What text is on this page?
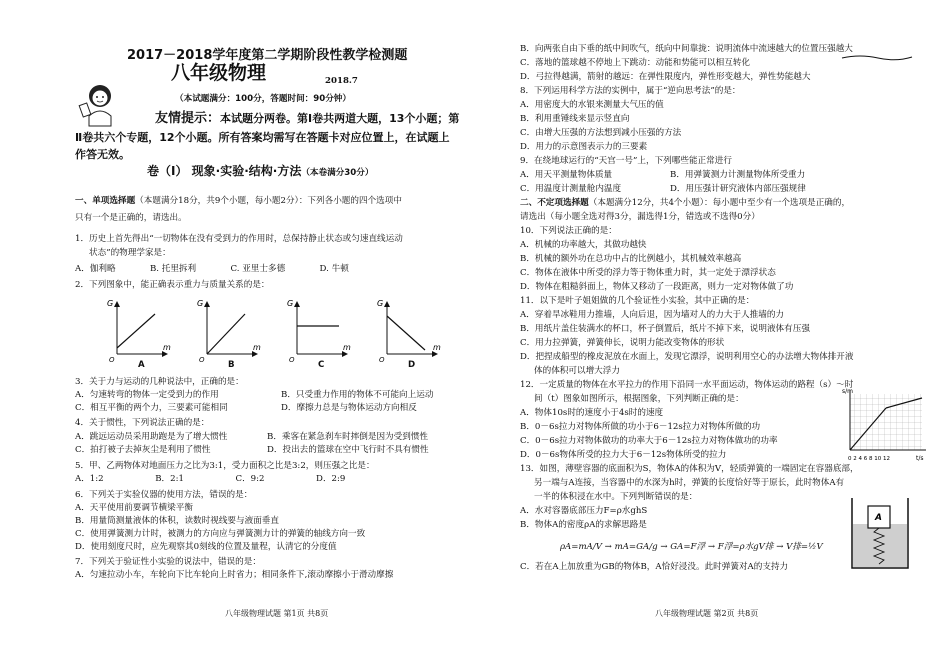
2017－2018学年度第二学期阶段性教学检测题
八年级物理	2018.7
（本试题满分：100分，答题时间：90分钟）
友情提示：本试题分两卷。第Ⅰ卷共两道大题，13个小题；第
Ⅱ卷共六个专题，12个小题。所有答案均需写在答题卡对应位置上，在试题上
作答无效。
卷（Ⅰ） 现象·实验·结构·方法（本卷满分30分）
一、单项选择题（本题满分18分，共9个小题，每小题2分）：下列各小题的四个选项中
只有一个是正确的，请选出。
1．历史上首先得出“一切物体在没有受到力的作用时，总保持静止状态或匀速直线运动
状态”的物理学家是：
A．伽利略　　　　B. 托里拆利　　　　C. 亚里士多德　　　　D. 牛顿
2．下列图象中，能正确表示重力与质量关系的是：
G
m
O
G
m
O
G
m
O
G
m
O
A	B	C	D
3．关于力与运动的几种说法中，正确的是：
A．匀速转弯的物体一定受到力的作用	B．只受重力作用的物体不可能向上运动
C．相互平衡的两个力，三要素可能相同	D．摩擦力总是与物体运动方向相反
4．关于惯性，下列说法正确的是：
A．跳远运动员采用助跑是为了增大惯性	B．乘客在紧急刹车时摔倒是因为受到惯性
C．拍打被子去掉灰尘是利用了惯性	D．投出去的篮球在空中飞行时不具有惯性
5．甲、乙两物体对地面压力之比为3:1，受力面积之比是3:2，则压强之比是：
A．1:2　　　　　　B．2:1　　　　　　C．9:2　　　　　　D．2:9
6．下列关于实验仪器的使用方法，错误的是：
A．天平使用前要调节横梁平衡
B．用量筒测量液体的体积，读数时视线要与液面垂直
C．使用弹簧测力计时，被测力的方向应与弹簧测力计的弹簧的轴线方向一致
D．使用刻度尺时，应先观察其0刻线的位置及量程，认清它的分度值
7．下列关于验证性小实验的说法中，错误的是：
A．匀速拉动小车，车轮向下比车轮向上时省力；相同条件下,滚动摩擦小于滑动摩擦
八年级物理试题 第1页 共8页
B．向两张自由下垂的纸中间吹气，纸向中间靠拢：说明流体中流速越大的位置压强越大
C．落地的篮球越不停地上下跳动：动能和势能可以相互转化
D．弓拉得越满，箭射的越远：在弹性限度内，弹性形变越大，弹性势能越大
8．下列运用科学方法的实例中，属于“逆向思考法”的是：
A．用密度大的水银来测量大气压的值
B．利用重锤线来显示竖直向
C．由增大压强的方法想到减小压强的方法
D．用力的示意图表示力的三要素
9．在绕地球运行的“天宫一号”上，下列哪些能正常进行
A．用天平测量物体质量	B．用弹簧测力计测量物体所受重力
C．用温度计测量舱内温度	D．用压强计研究液体内部压强规律
二、不定项选择题（本题满分12分，共4个小题）：每小题中至少有一个选项是正确的，
请选出（每小题全选对得3分，漏选得1分，错选或不选得0分）
10．下列说法正确的是：
A．机械的功率越大，其做功越快
B．机械的额外功在总功中占的比例越小，其机械效率越高
C．物体在液体中所受的浮力等于物体重力时，其一定处于漂浮状态
D．物体在粗糙斜面上，物体又移动了一段距离，则力一定对物体做了功
11．以下是叶子姐姐做的几个验证性小实验，其中正确的是：
A．穿着旱冰鞋用力推墙，人向后退，因为墙对人的力大于人推墙的力
B．用纸片盖住装满水的杯口，杯子倒置后，纸片不掉下来，说明液体有压强
C．用力拉弹簧，弹簧伸长，说明力能改变物体的形状
D．把捏成船型的橡皮泥放在水面上，发现它漂浮，说明利用空心的办法增大物体排开液
体的体积可以增大浮力
12．一定质量的物体在水平拉力的作用下沿同一水平面运动，物体运动的路程（s）～时
间（t）图象如图所示，根据图象，下列判断正确的是：
A．物体10s时的速度小于4s时的速度
B．0－6s拉力对物体所做的功小于6－12s拉力对物体所做的功
C．0－6s拉力对物体做功的功率大于6－12s拉力对物体做功的功率
D．0－6s物体所受的拉力大于6－12s物体所受的拉力
s/m
t/s
0 2 4 6 8 10 12
13．如图，薄壁容器的底面积为S，物体A的体积为V，轻质弹簧的一端固定在容器底部，
另一端与A连接，当容器中的水深为h时，弹簧的长度恰好等于原长，此时物体A有
一半的体积浸在水中。下列判断错误的是：
A．水对容器底部压力F=ρ水ghS
B．物体A的密度ρA的求解思路是
ρA=mA/V → mA=GA/g → GA=F浮 → F浮=ρ水gV排 → V排=½V
C．若在A上加放重为GB的物体B，A恰好浸没。此时弹簧对A的支持力
A
八年级物理试题 第2页 共8页
